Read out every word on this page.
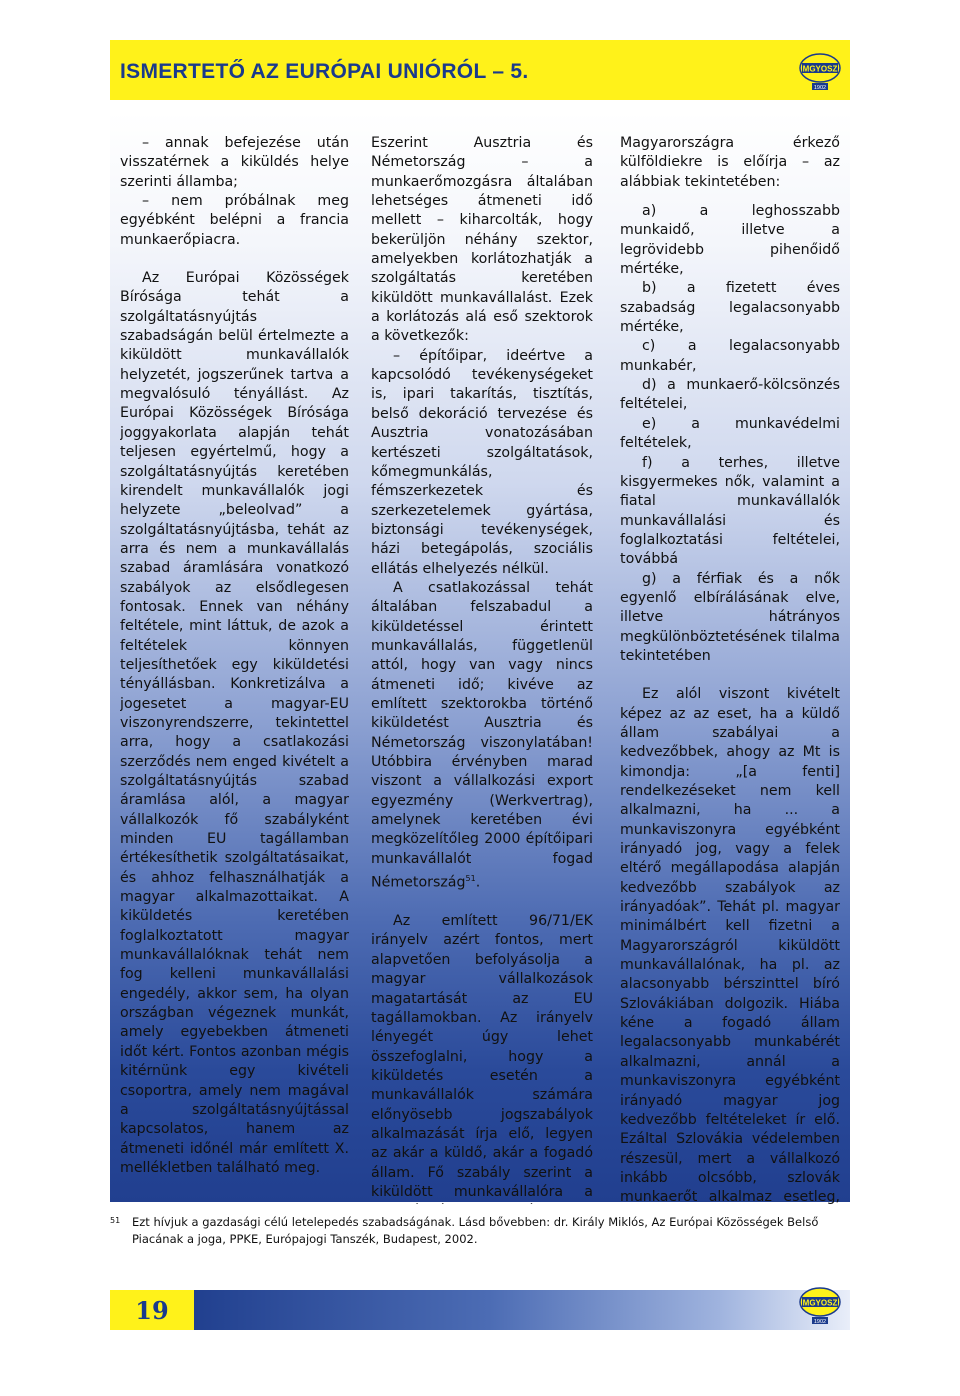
ISMERTETŐ AZ EURÓPAI UNIÓRÓL – 5.	MGYOSZ
1902

– annak befejezése után visszatérnek a kiküldés helye szerinti államba;

– nem próbálnak meg egyébként belépni a francia munkaerőpiacra.

Az Európai Közösségek Bírósága tehát a szolgáltatásnyújtás szabadságán belül értelmezte a kiküldött munkavállalók helyzetét, jogszerűnek tartva a megvalósuló tényállást. Az Európai Közösségek Bírósága joggyakorlata alapján tehát teljesen egyértelmű, hogy a szolgáltatásnyújtás keretében kirendelt munkavállalók jogi helyzete „beleolvad” a szolgáltatásnyújtásba, tehát az arra és nem a munkavállalás szabad áramlására vonatkozó szabályok az elsődlegesen fontosak. Ennek van néhány feltétele, mint láttuk, de azok a feltételek könnyen teljesíthetőek egy kiküldetési tényállásban. Konkretizálva a jogesetet a magyar-EU viszonyrendszerre, tekintettel arra, hogy a csatlakozási szerződés nem enged kivételt a szolgáltatásnyújtás szabad áramlása alól, a magyar vállalkozók fő szabályként minden EU tagállamban értékesíthetik szolgáltatásaikat, és ahhoz felhasználhatják a magyar alkalmazottaikat. A kiküldetés keretében foglalkoztatott magyar munkavállalóknak tehát nem fog kelleni munkavállalási engedély, akkor sem, ha olyan országban végeznek munkát, amely egyebekben átmeneti időt kért. Fontos azonban mégis kitérnünk egy kivételi csoportra, amely nem magával a szolgáltatásnyújtással kapcsolatos, hanem az átmeneti időnél már említett X. mellékletben található meg.

Eszerint Ausztria és Németország – a munkaerőmozgásra általában lehetséges átmeneti idő mellett – kiharcolták, hogy bekerüljön néhány szektor, amelyekben korlátozhatják a szolgáltatás keretében kiküldött munkavállalást. Ezek a korlátozás alá eső szektorok a következők:

– építőipar, ideértve a kapcsolódó tevékenységeket is, ipari takarítás, tisztítás, belső dekoráció tervezése és Ausztria vonatozásában kertészeti szolgáltatások, kőmegmunkálás, fémszerkezetek és szerkezetelemek gyártása, biztonsági tevékenységek, házi betegápolás, szociális ellátás elhelyezés nélkül.

A csatlakozással tehát általában felszabadul a kiküldetéssel érintett munkavállalás, függetlenül attól, hogy van vagy nincs átmeneti idő; kivéve az említett szektorokba történő kiküldetést Ausztria és Németország viszonylatában! Utóbbira érvényben marad viszont a vállalkozási export egyezmény (Werkvertrag), amelynek keretében évi megközelítőleg 2000 építőipari munkavállalót fogad Németország$^{51}$.

Az említett 96/71/EK irányelv azért fontos, mert alapvetően befolyásolja a magyar vállalkozások magatartását az EU tagállamokban. Az irányelv lényegét úgy lehet összefoglalni, hogy a kiküldetés esetén a munkavállalók számára előnyösebb jogszabályok alkalmazását írja elő, legyen az akár a küldő, akár a fogadó állam. Fő szabály szerint a kiküldött munkavállalóra a

Magyarországra érkező külföldiekre is előírja – az alábbiak tekintetében:

a) a leghosszabb munkaidő, illetve a legrövidebb pihenőidő mértéke,

b) a fizetett éves szabadság legalacsonyabb mértéke,

c) a legalacsonyabb munkabér,

d) a munkaerő-kölcsönzés feltételei,

e) a munkavédelmi feltételek,

f) a terhes, illetve kisgyermekes nők, valamint a fiatal munkavállalók munkavállalási és foglalkoztatási feltételei, továbbá

g) a férfiak és a nők egyenlő elbírálásának elve, illetve hátrányos megkülönböztetésének tilalma tekintetében

Ez alól viszont kivételt képez az az eset, ha a küldő állam szabályai a kedvezőbbek, ahogy az Mt is kimondja: „[a fenti] rendelkezéseket nem kell alkalmazni, ha ... a munkaviszonyra egyébként irányadó jog, vagy a felek eltérő megállapodása alapján kedvezőbb szabályok az irányadóak”. Tehát pl. magyar minimálbért kell fizetni a Magyarországról kiküldött munkavállalónak, ha pl. az alacsonyabb bérszinttel bíró Szlovákiában dolgozik. Hiába kéne a fogadó állam legalacsonyabb munkabérét alkalmazni, annál a munkaviszonyra egyébként irányadó magyar jog kedvezőbb feltételeket ír elő. Ezáltal Szlovákia védelemben részesül, mert a vállalkozó inkább olcsóbb, szlovák munkaerőt alkalmaz esetleg,

51 Ezt hívjuk a gazdasági célú letelepedés szabadságának. Lásd bővebben: dr. Király Miklós, Az Európai Közösségek Belső Piacának a joga, PPKE, Európajogi Tanszék, Budapest, 2002.
19	MGYOSZ
1902
